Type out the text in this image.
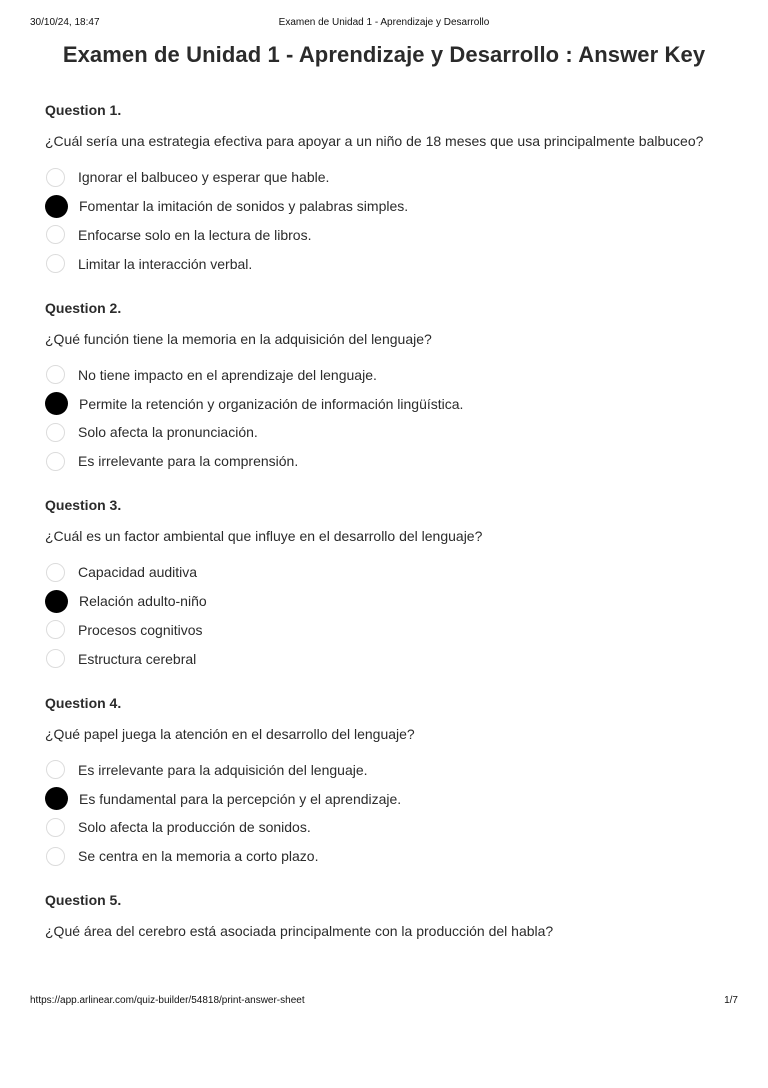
30/10/24, 18:47	Examen de Unidad 1 - Aprendizaje y Desarrollo
Examen de Unidad 1 - Aprendizaje y Desarrollo : Answer Key
Question 1.
¿Cuál sería una estrategia efectiva para apoyar a un niño de 18 meses que usa principalmente balbuceo?
Ignorar el balbuceo y esperar que hable.
Fomentar la imitación de sonidos y palabras simples.
Enfocarse solo en la lectura de libros.
Limitar la interacción verbal.
Question 2.
¿Qué función tiene la memoria en la adquisición del lenguaje?
No tiene impacto en el aprendizaje del lenguaje.
Permite la retención y organización de información lingüística.
Solo afecta la pronunciación.
Es irrelevante para la comprensión.
Question 3.
¿Cuál es un factor ambiental que influye en el desarrollo del lenguaje?
Capacidad auditiva
Relación adulto-niño
Procesos cognitivos
Estructura cerebral
Question 4.
¿Qué papel juega la atención en el desarrollo del lenguaje?
Es irrelevante para la adquisición del lenguaje.
Es fundamental para la percepción y el aprendizaje.
Solo afecta la producción de sonidos.
Se centra en la memoria a corto plazo.
Question 5.
¿Qué área del cerebro está asociada principalmente con la producción del habla?
https://app.arlinear.com/quiz-builder/54818/print-answer-sheet	1/7
